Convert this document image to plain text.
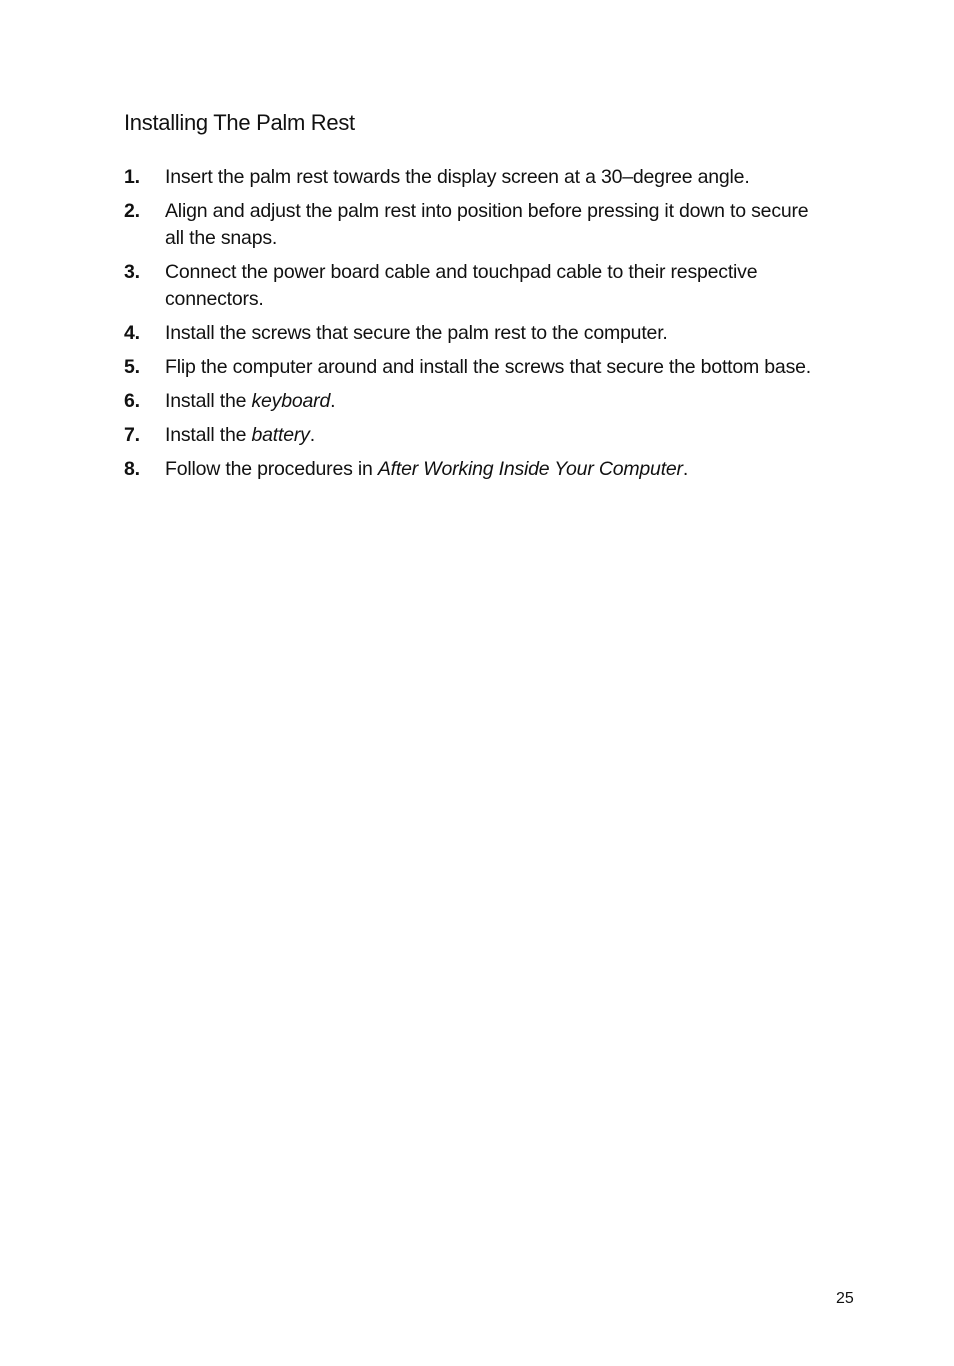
Installing The Palm Rest
1. Insert the palm rest towards the display screen at a 30–degree angle.
2. Align and adjust the palm rest into position before pressing it down to secure all the snaps.
3. Connect the power board cable and touchpad cable to their respective connectors.
4. Install the screws that secure the palm rest to the computer.
5. Flip the computer around and install the screws that secure the bottom base.
6. Install the keyboard.
7. Install the battery.
8. Follow the procedures in After Working Inside Your Computer.
25
